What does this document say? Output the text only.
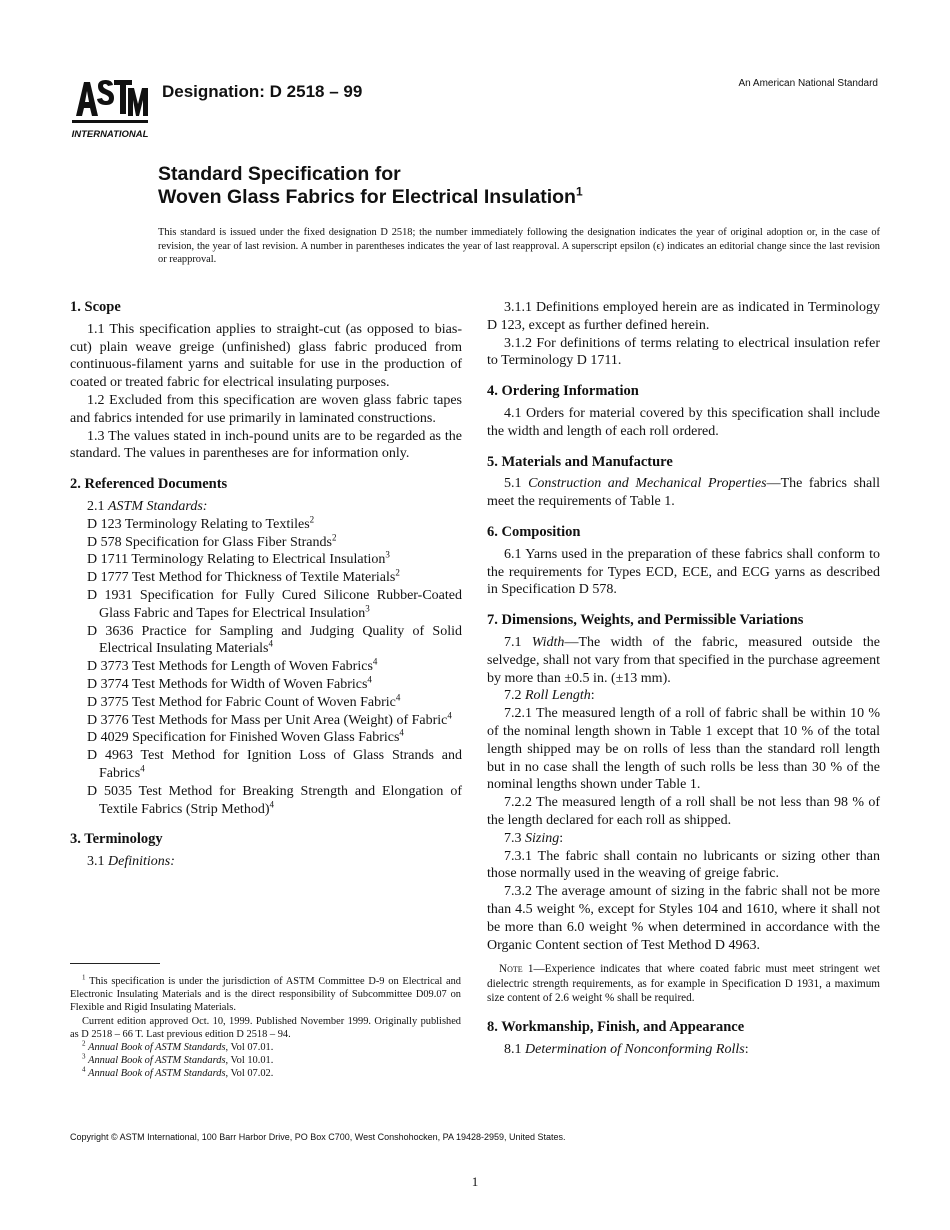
INTERNATIONAL
Designation: D 2518 – 99	An American National Standard
Standard Specification for
Woven Glass Fabrics for Electrical Insulation$^1$
This standard is issued under the fixed designation D 2518; the number immediately following the designation indicates the year of original adoption or, in the case of revision, the year of last revision. A number in parentheses indicates the year of last reapproval. A superscript epsilon (ϵ) indicates an editorial change since the last revision or reapproval.
1. Scope

1.1 This specification applies to straight-cut (as opposed to bias-cut) plain weave greige (unfinished) glass fabric produced from continuous-filament yarns and suitable for use in the production of coated or treated fabric for electrical insulating purposes.

1.2 Excluded from this specification are woven glass fabric tapes and fabrics intended for use primarily in laminated constructions.

1.3 The values stated in inch-pound units are to be regarded as the standard. The values in parentheses are for information only.

2. Referenced Documents

2.1 ASTM Standards:

D 123 Terminology Relating to Textiles$^2$

D 578 Specification for Glass Fiber Strands$^2$

D 1711 Terminology Relating to Electrical Insulation$^3$

D 1777 Test Method for Thickness of Textile Materials$^2$

D 1931 Specification for Fully Cured Silicone Rubber-Coated Glass Fabric and Tapes for Electrical Insulation$^3$

D 3636 Practice for Sampling and Judging Quality of Solid Electrical Insulating Materials$^4$

D 3773 Test Methods for Length of Woven Fabrics$^4$

D 3774 Test Methods for Width of Woven Fabrics$^4$

D 3775 Test Method for Fabric Count of Woven Fabric$^4$

D 3776 Test Methods for Mass per Unit Area (Weight) of Fabric$^4$

D 4029 Specification for Finished Woven Glass Fabrics$^4$

D 4963 Test Method for Ignition Loss of Glass Strands and Fabrics$^4$

D 5035 Test Method for Breaking Strength and Elongation of Textile Fabrics (Strip Method)$^4$

3. Terminology

3.1 Definitions:

$^1$ This specification is under the jurisdiction of ASTM Committee D-9 on Electrical and Electronic Insulating Materials and is the direct responsibility of Subcommittee D09.07 on Flexible and Rigid Insulating Materials.

Current edition approved Oct. 10, 1999. Published November 1999. Originally published as D 2518 – 66 T. Last previous edition D 2518 – 94.

$^2$ Annual Book of ASTM Standards, Vol 07.01.

$^3$ Annual Book of ASTM Standards, Vol 10.01.

$^4$ Annual Book of ASTM Standards, Vol 07.02.

3.1.1 Definitions employed herein are as indicated in Terminology D 123, except as further defined herein.

3.1.2 For definitions of terms relating to electrical insulation refer to Terminology D 1711.

4. Ordering Information

4.1 Orders for material covered by this specification shall include the width and length of each roll ordered.

5. Materials and Manufacture

5.1 Construction and Mechanical Properties—The fabrics shall meet the requirements of Table 1.

6. Composition

6.1 Yarns used in the preparation of these fabrics shall conform to the requirements for Types ECD, ECE, and ECG yarns as described in Specification D 578.

7. Dimensions, Weights, and Permissible Variations

7.1 Width—The width of the fabric, measured outside the selvedge, shall not vary from that specified in the purchase agreement by more than ±0.5 in. (±13 mm).

7.2 Roll Length:

7.2.1 The measured length of a roll of fabric shall be within 10 % of the nominal length shown in Table 1 except that 10 % of the total length shipped may be on rolls of less than the standard roll length but in no case shall the length of such rolls be less than 30 % of the nominal lengths shown under Table 1.

7.2.2 The measured length of a roll shall be not less than 98 % of the length declared for each roll as shipped.

7.3 Sizing:

7.3.1 The fabric shall contain no lubricants or sizing other than those normally used in the weaving of greige fabric.

7.3.2 The average amount of sizing in the fabric shall not be more than 4.5 weight %, except for Styles 104 and 1610, where it shall not be more than 6.0 weight % when determined in accordance with the Organic Content section of Test Method D 4963.

Note 1—Experience indicates that where coated fabric must meet stringent wet dielectric strength requirements, as for example in Specification D 1931, a maximum size content of 2.6 weight % shall be required.

8. Workmanship, Finish, and Appearance

8.1 Determination of Nonconforming Rolls:

Copyright © ASTM International, 100 Barr Harbor Drive, PO Box C700, West Conshohocken, PA 19428-2959, United States.
1
